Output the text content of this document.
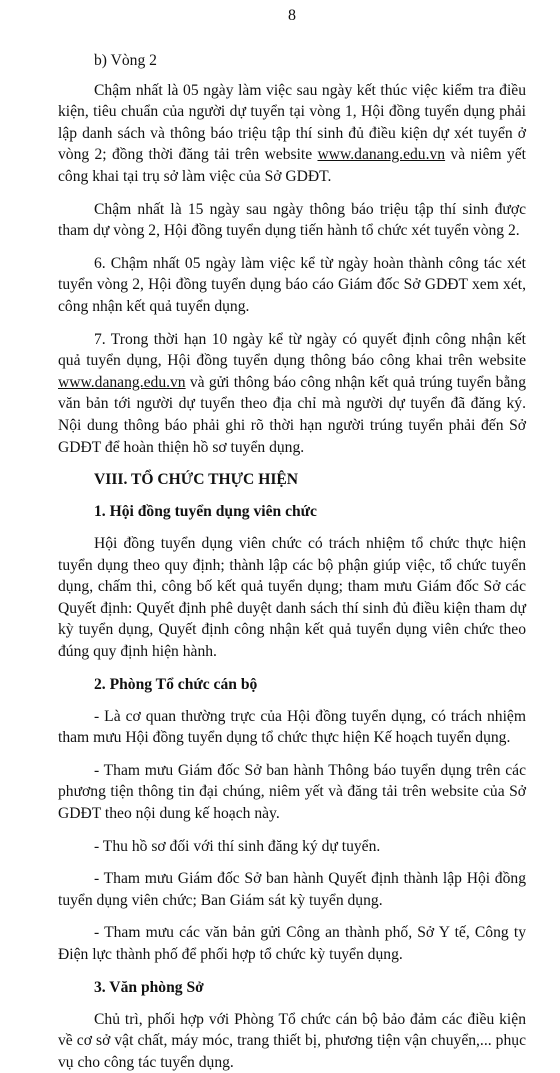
8

b) Vòng 2

Chậm nhất là 05 ngày làm việc sau ngày kết thúc việc kiểm tra điều kiện, tiêu chuẩn của người dự tuyển tại vòng 1, Hội đồng tuyển dụng phải lập danh sách và thông báo triệu tập thí sinh đủ điều kiện dự xét tuyển ở vòng 2; đồng thời đăng tải trên website www.danang.edu.vn và niêm yết công khai tại trụ sở làm việc của Sở GDĐT.

Chậm nhất là 15 ngày sau ngày thông báo triệu tập thí sinh được tham dự vòng 2, Hội đồng tuyển dụng tiến hành tổ chức xét tuyển vòng 2.

6. Chậm nhất 05 ngày làm việc kể từ ngày hoàn thành công tác xét tuyển vòng 2, Hội đồng tuyển dụng báo cáo Giám đốc Sở GDĐT xem xét, công nhận kết quả tuyển dụng.

7. Trong thời hạn 10 ngày kể từ ngày có quyết định công nhận kết quả tuyển dụng, Hội đồng tuyển dụng thông báo công khai trên website www.danang.edu.vn và gửi thông báo công nhận kết quả trúng tuyển bằng văn bản tới người dự tuyển theo địa chỉ mà người dự tuyển đã đăng ký. Nội dung thông báo phải ghi rõ thời hạn người trúng tuyển phải đến Sở GDĐT để hoàn thiện hồ sơ tuyển dụng.

VIII. TỔ CHỨC THỰC HIỆN
1. Hội đồng tuyển dụng viên chức

Hội đồng tuyển dụng viên chức có trách nhiệm tổ chức thực hiện tuyển dụng theo quy định; thành lập các bộ phận giúp việc, tổ chức tuyển dụng, chấm thi, công bố kết quả tuyển dụng; tham mưu Giám đốc Sở các Quyết định: Quyết định phê duyệt danh sách thí sinh đủ điều kiện tham dự kỳ tuyển dụng, Quyết định công nhận kết quả tuyển dụng viên chức theo đúng quy định hiện hành.

2. Phòng Tổ chức cán bộ

- Là cơ quan thường trực của Hội đồng tuyển dụng, có trách nhiệm tham mưu Hội đồng tuyển dụng tổ chức thực hiện Kế hoạch tuyển dụng.

- Tham mưu Giám đốc Sở ban hành Thông báo tuyển dụng trên các phương tiện thông tin đại chúng, niêm yết và đăng tải trên website của Sở GDĐT theo nội dung kế hoạch này.

- Thu hồ sơ đối với thí sinh đăng ký dự tuyển.

- Tham mưu Giám đốc Sở ban hành Quyết định thành lập Hội đồng tuyển dụng viên chức; Ban Giám sát kỳ tuyển dụng.

- Tham mưu các văn bản gửi Công an thành phố, Sở Y tế, Công ty Điện lực thành phố để phối hợp tổ chức kỳ tuyển dụng.

3. Văn phòng Sở

Chủ trì, phối hợp với Phòng Tổ chức cán bộ bảo đảm các điều kiện về cơ sở vật chất, máy móc, trang thiết bị, phương tiện vận chuyển,... phục vụ cho công tác tuyển dụng.
